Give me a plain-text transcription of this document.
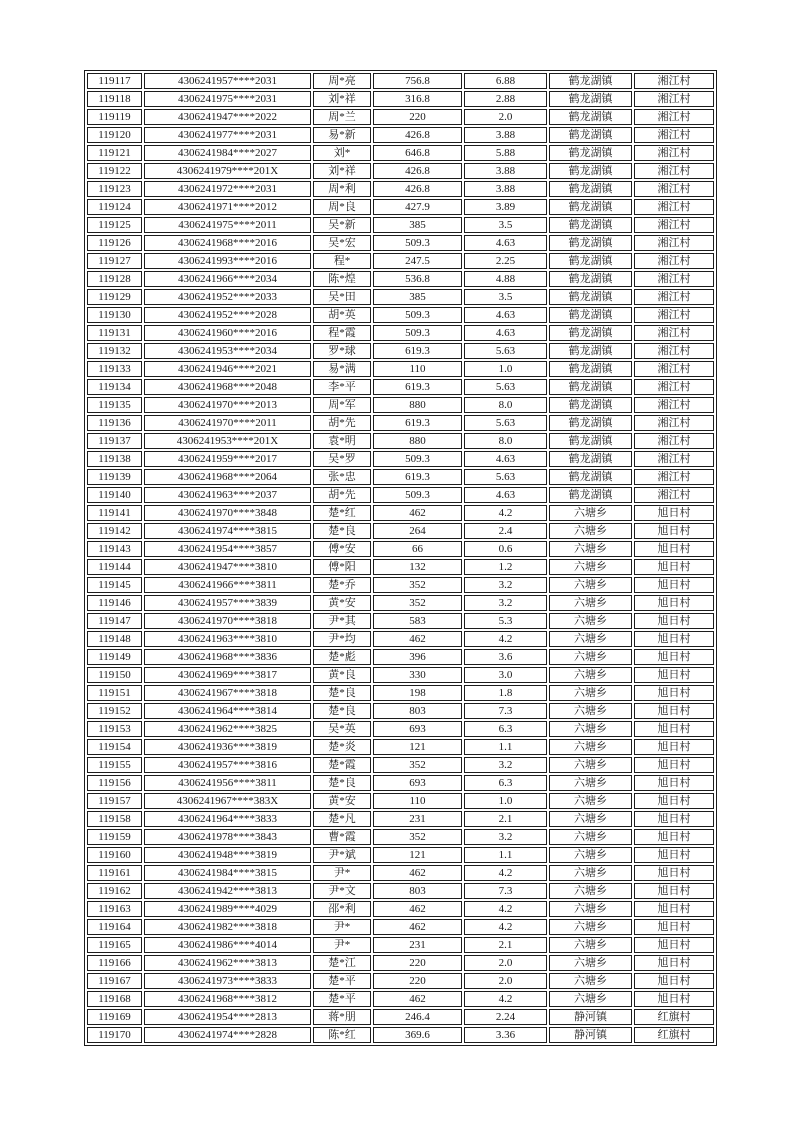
119117	4306241957****2031	周*亮	756.8	6.88	鹤龙湖镇	湘江村
119118	4306241975****2031	刘*祥	316.8	2.88	鹤龙湖镇	湘江村
119119	4306241947****2022	周*兰	220	2.0	鹤龙湖镇	湘江村
119120	4306241977****2031	易*新	426.8	3.88	鹤龙湖镇	湘江村
119121	4306241984****2027	刘*	646.8	5.88	鹤龙湖镇	湘江村
119122	4306241979****201X	刘*祥	426.8	3.88	鹤龙湖镇	湘江村
119123	4306241972****2031	周*利	426.8	3.88	鹤龙湖镇	湘江村
119124	4306241971****2012	周*良	427.9	3.89	鹤龙湖镇	湘江村
119125	4306241975****2011	吴*新	385	3.5	鹤龙湖镇	湘江村
119126	4306241968****2016	吴*宏	509.3	4.63	鹤龙湖镇	湘江村
119127	4306241993****2016	程*	247.5	2.25	鹤龙湖镇	湘江村
119128	4306241966****2034	陈*煌	536.8	4.88	鹤龙湖镇	湘江村
119129	4306241952****2033	吴*田	385	3.5	鹤龙湖镇	湘江村
119130	4306241952****2028	胡*英	509.3	4.63	鹤龙湖镇	湘江村
119131	4306241960****2016	程*霞	509.3	4.63	鹤龙湖镇	湘江村
119132	4306241953****2034	罗*球	619.3	5.63	鹤龙湖镇	湘江村
119133	4306241946****2021	易*满	110	1.0	鹤龙湖镇	湘江村
119134	4306241968****2048	李*平	619.3	5.63	鹤龙湖镇	湘江村
119135	4306241970****2013	周*军	880	8.0	鹤龙湖镇	湘江村
119136	4306241970****2011	胡*先	619.3	5.63	鹤龙湖镇	湘江村
119137	4306241953****201X	袁*明	880	8.0	鹤龙湖镇	湘江村
119138	4306241959****2017	吴*罗	509.3	4.63	鹤龙湖镇	湘江村
119139	4306241968****2064	张*忠	619.3	5.63	鹤龙湖镇	湘江村
119140	4306241963****2037	胡*先	509.3	4.63	鹤龙湖镇	湘江村
119141	4306241970****3848	楚*红	462	4.2	六塘乡	旭日村
119142	4306241974****3815	楚*良	264	2.4	六塘乡	旭日村
119143	4306241954****3857	傅*安	66	0.6	六塘乡	旭日村
119144	4306241947****3810	傅*阳	132	1.2	六塘乡	旭日村
119145	4306241966****3811	楚*乔	352	3.2	六塘乡	旭日村
119146	4306241957****3839	黄*安	352	3.2	六塘乡	旭日村
119147	4306241970****3818	尹*其	583	5.3	六塘乡	旭日村
119148	4306241963****3810	尹*均	462	4.2	六塘乡	旭日村
119149	4306241968****3836	楚*彪	396	3.6	六塘乡	旭日村
119150	4306241969****3817	黄*良	330	3.0	六塘乡	旭日村
119151	4306241967****3818	楚*良	198	1.8	六塘乡	旭日村
119152	4306241964****3814	楚*良	803	7.3	六塘乡	旭日村
119153	4306241962****3825	吴*英	693	6.3	六塘乡	旭日村
119154	4306241936****3819	楚*炎	121	1.1	六塘乡	旭日村
119155	4306241957****3816	楚*霞	352	3.2	六塘乡	旭日村
119156	4306241956****3811	楚*良	693	6.3	六塘乡	旭日村
119157	4306241967****383X	黄*安	110	1.0	六塘乡	旭日村
119158	4306241964****3833	楚*凡	231	2.1	六塘乡	旭日村
119159	4306241978****3843	曹*霞	352	3.2	六塘乡	旭日村
119160	4306241948****3819	尹*斌	121	1.1	六塘乡	旭日村
119161	4306241984****3815	尹*	462	4.2	六塘乡	旭日村
119162	4306241942****3813	尹*文	803	7.3	六塘乡	旭日村
119163	4306241989****4029	邵*利	462	4.2	六塘乡	旭日村
119164	4306241982****3818	尹*	462	4.2	六塘乡	旭日村
119165	4306241986****4014	尹*	231	2.1	六塘乡	旭日村
119166	4306241962****3813	楚*江	220	2.0	六塘乡	旭日村
119167	4306241973****3833	楚*平	220	2.0	六塘乡	旭日村
119168	4306241968****3812	楚*平	462	4.2	六塘乡	旭日村
119169	4306241954****2813	蒋*朋	246.4	2.24	静河镇	红旗村
119170	4306241974****2828	陈*红	369.6	3.36	静河镇	红旗村
